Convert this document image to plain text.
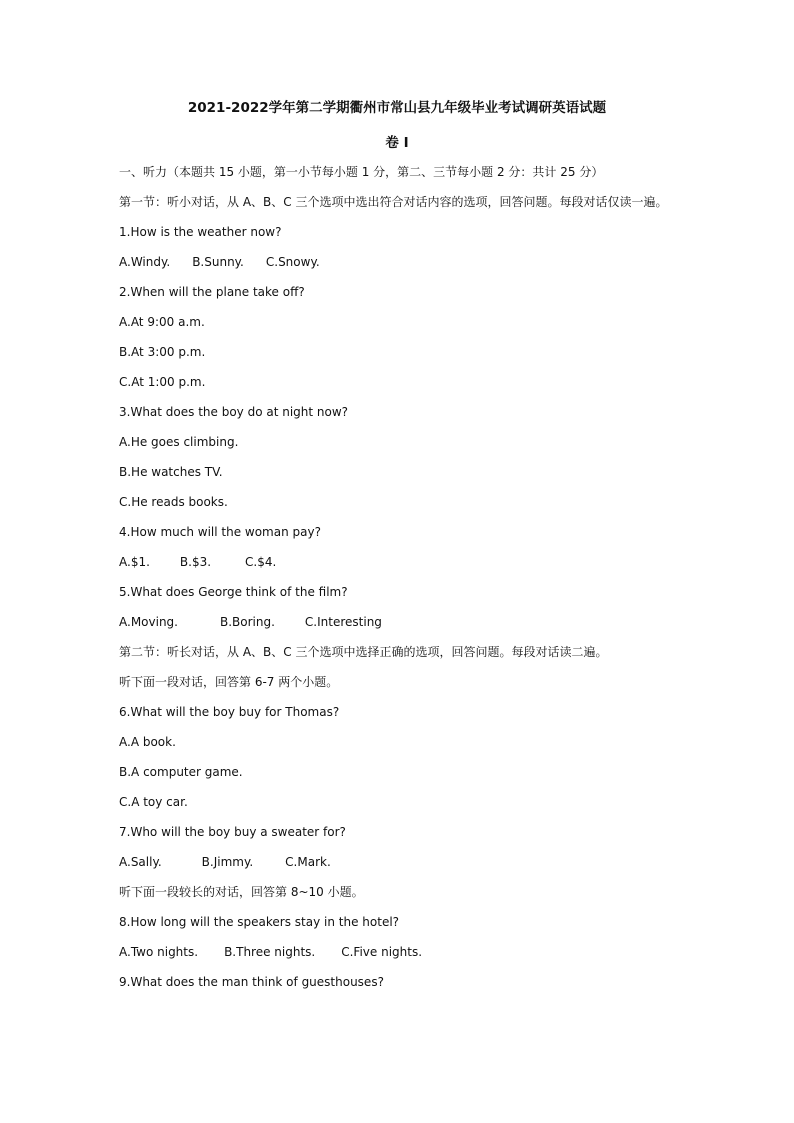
2021-2022学年第二学期衢州市常山县九年级毕业考试调研英语试题
卷 I
一、听力（本题共 15 小题，第一小节每小题 1 分，第二、三节每小题 2 分：共计 25 分）
第一节：听小对话，从 A、B、C 三个选项中选出符合对话内容的选项，回答问题。每段对话仅读一遍。
1.How is the weather now?
A.Windy. B.Sunny. C.Snowy.
2.When will the plane take off?
A.At 9:00 a.m.
B.At 3:00 p.m.
C.At 1:00 p.m.
3.What does the boy do at night now?
A.He goes climbing.
B.He watches TV.
C.He reads books.
4.How much will the woman pay?
A.$1.	B.$3.	C.$4.
5.What does George think of the film?
A.Moving.	B.Boring.	C.Interesting
第二节：听长对话，从 A、B、C 三个选项中选择正确的选项，回答问题。每段对话读二遍。
听下面一段对话，回答第 6-7 两个小题。
6.What will the boy buy for Thomas?
A.A book.
B.A computer game.
C.A toy car.
7.Who will the boy buy a sweater for?
A.Sally.	B.Jimmy.	C.Mark.
听下面一段较长的对话，回答第 8~10 小题。
8.How long will the speakers stay in the hotel?
A.Two nights. B.Three nights. C.Five nights.
9.What does the man think of guesthouses?
